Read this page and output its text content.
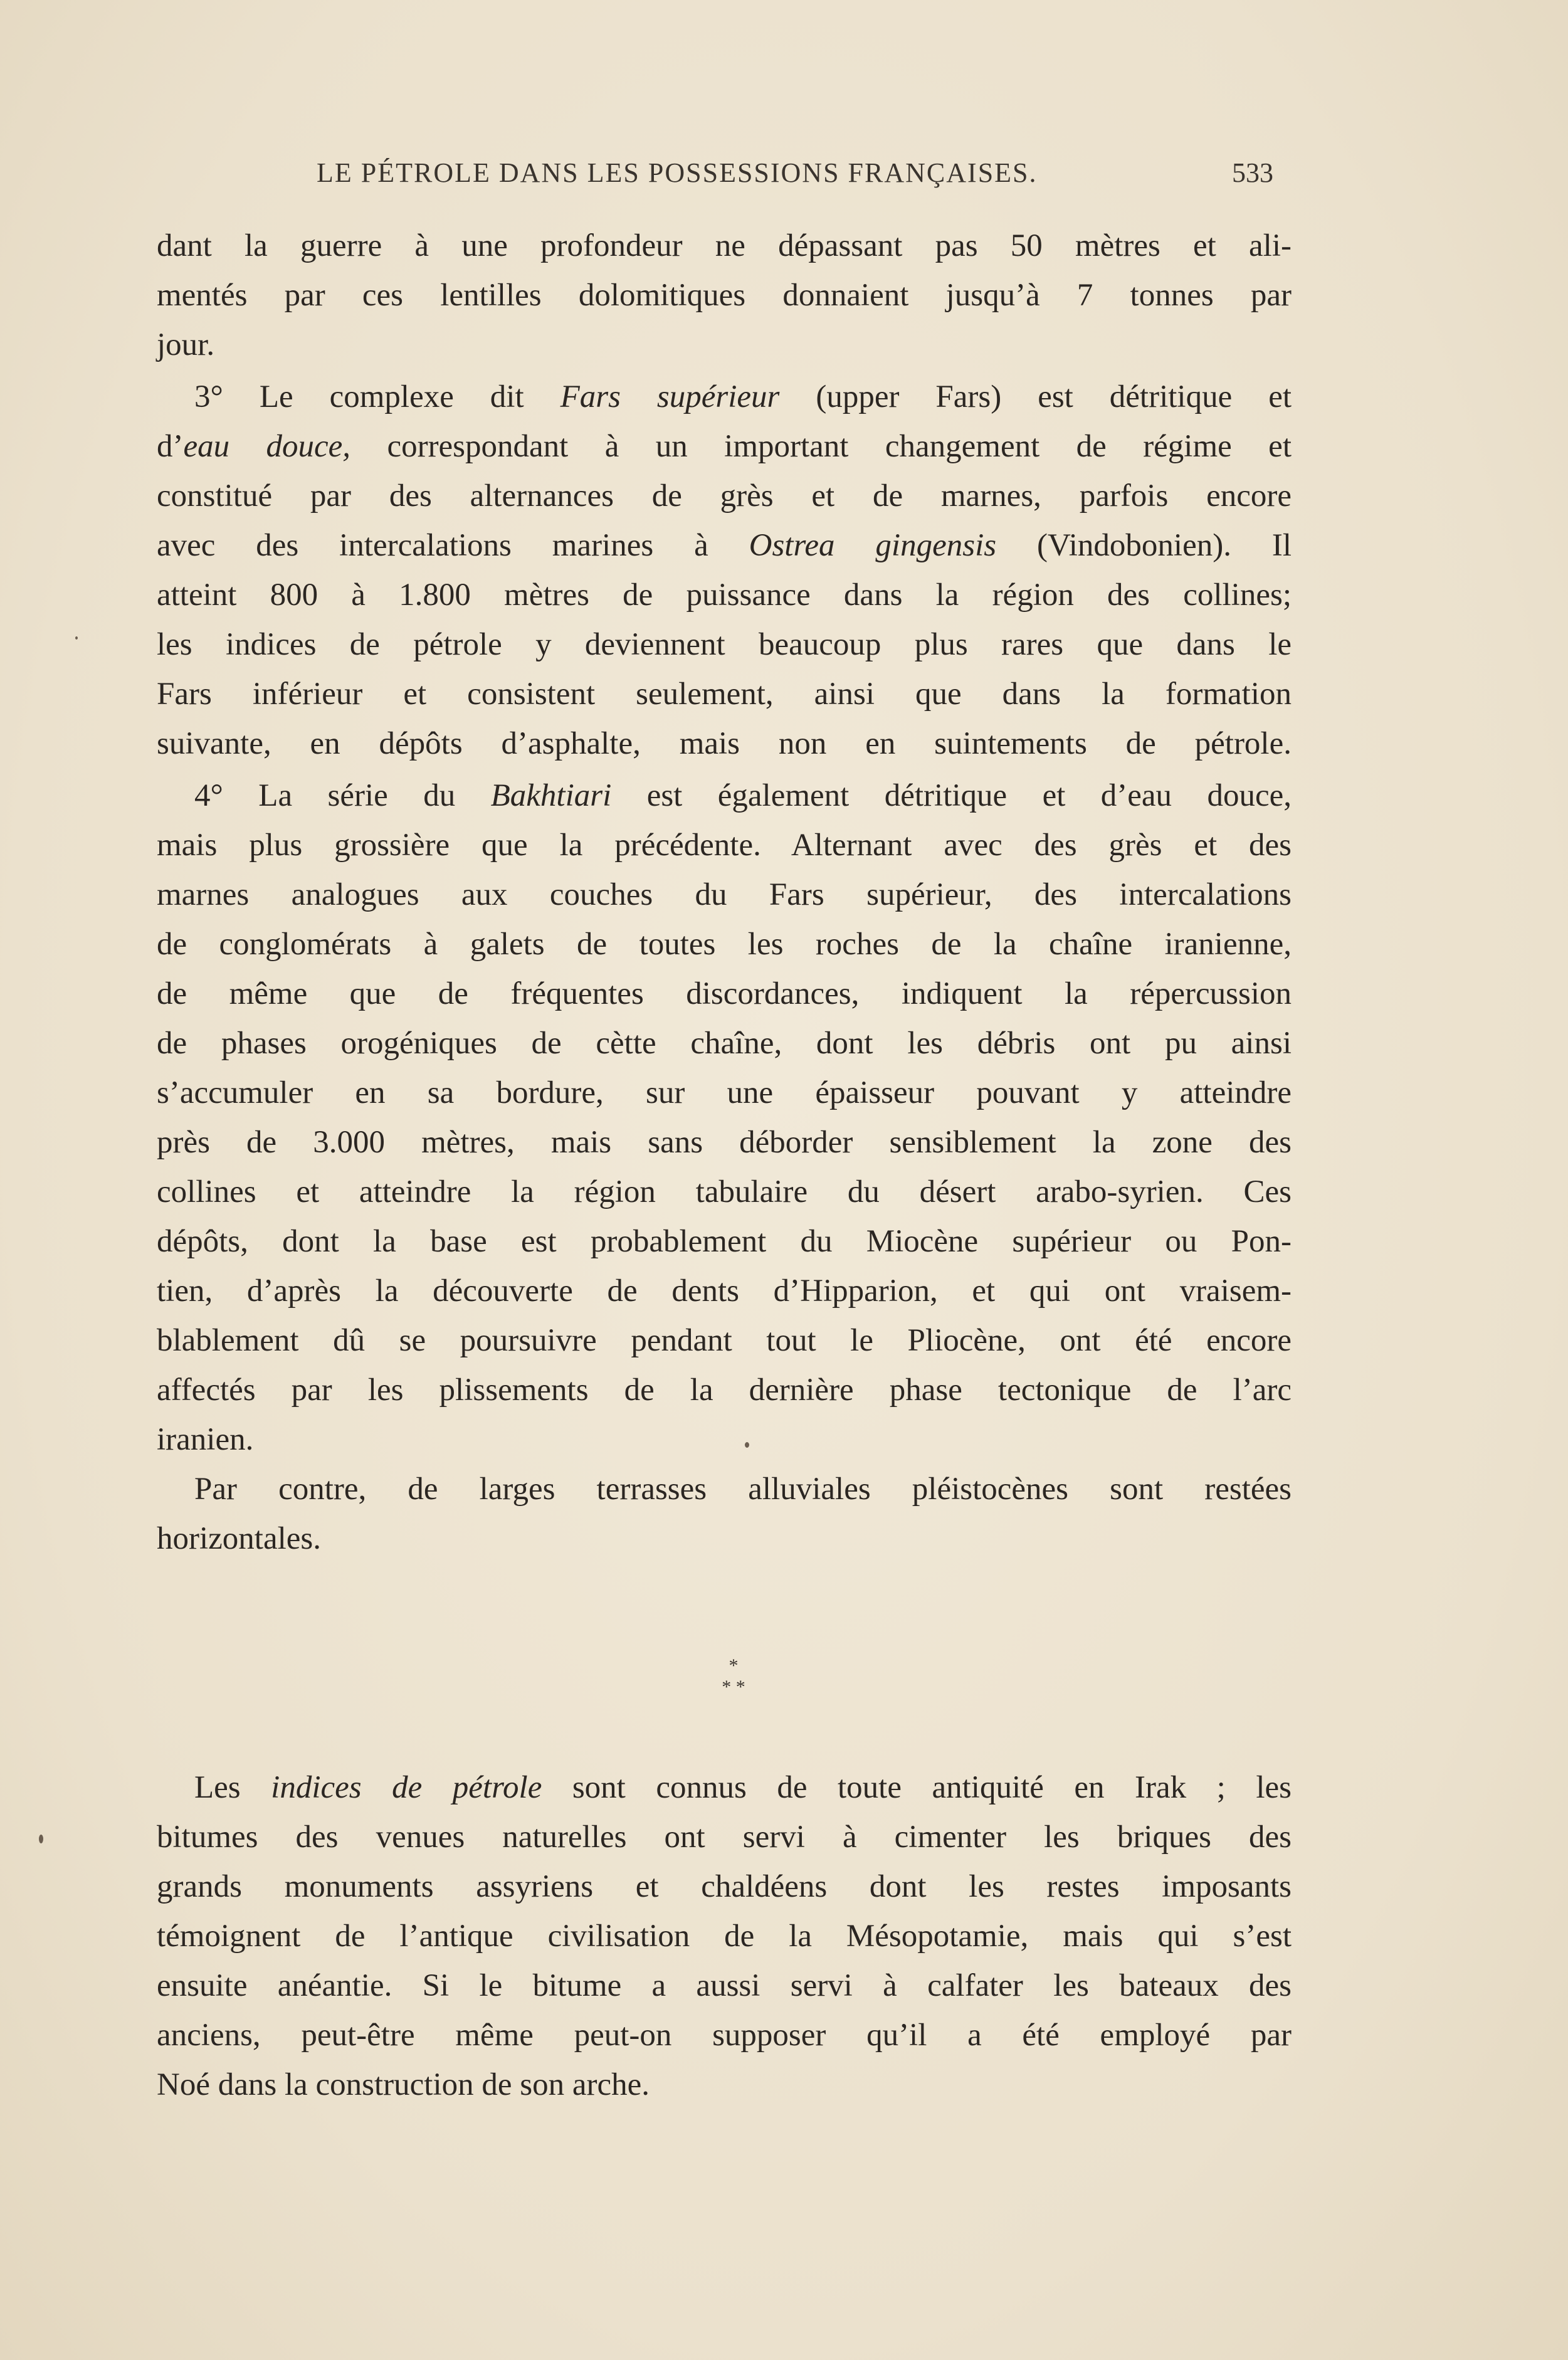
LE PÉTROLE DANS LES POSSESSIONS FRANÇAISES.	533
dant la guerre à une profondeur ne dépassant pas 50 mètres et ali-
mentés par ces lentilles dolomitiques donnaient jusqu’à 7 tonnes par
jour.
3° Le complexe dit Fars supérieur (upper Fars) est détritique et
d’eau douce, correspondant à un important changement de régime et
constitué par des alternances de grès et de marnes, parfois encore
avec des intercalations marines à Ostrea gingensis (Vindobonien). Il
atteint 800 à 1.800 mètres de puissance dans la région des collines;
les indices de pétrole y deviennent beaucoup plus rares que dans le
Fars inférieur et consistent seulement, ainsi que dans la formation
suivante, en dépôts d’asphalte, mais non en suintements de pétrole.
4° La série du Bakhtiari est également détritique et d’eau douce,
mais plus grossière que la précédente. Alternant avec des grès et des
marnes analogues aux couches du Fars supérieur, des intercalations
de conglomérats à galets de toutes les roches de la chaîne iranienne,
de même que de fréquentes discordances, indiquent la répercussion
de phases orogéniques de cètte chaîne, dont les débris ont pu ainsi
s’accumuler en sa bordure, sur une épaisseur pouvant y atteindre
près de 3.000 mètres, mais sans déborder sensiblement la zone des
collines et atteindre la région tabulaire du désert arabo-syrien. Ces
dépôts, dont la base est probablement du Miocène supérieur ou Pon-
tien, d’après la découverte de dents d’Hipparion, et qui ont vraisem-
blablement dû se poursuivre pendant tout le Pliocène, ont été encore
affectés par les plissements de la dernière phase tectonique de l’arc
iranien.
Par contre, de larges terrasses alluviales pléistocènes sont restées
horizontales.
*
* *
Les indices de pétrole sont connus de toute antiquité en Irak ; les
bitumes des venues naturelles ont servi à cimenter les briques des
grands monuments assyriens et chaldéens dont les restes imposants
témoignent de l’antique civilisation de la Mésopotamie, mais qui s’est
ensuite anéantie. Si le bitume a aussi servi à calfater les bateaux des
anciens, peut-être même peut-on supposer qu’il a été employé par
Noé dans la construction de son arche.
